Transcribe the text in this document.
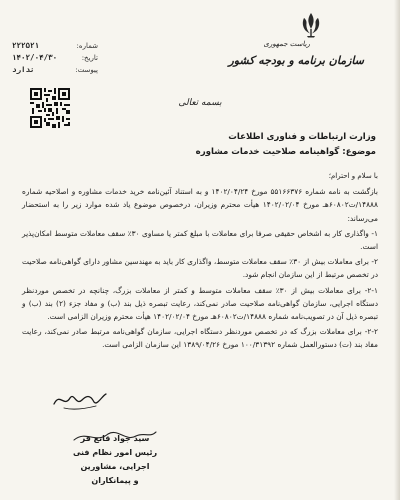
ریاست جمهوری
سازمان برنامه و بودجه کشور
۲۲۲۵۲۱	شماره:
۱۴۰۲/۰۴/۳۰	تاریخ:
ندارد	پیوست:
بسمه تعالی
وزارت ارتباطات و فناوری اطلاعات
موضوع: گواهینامه صلاحیت خدمات مشاوره

با سلام و احترام؛

بازگشت به نامه شماره ۵۵۱۶۶۳۷۶ مورخ ۱۴۰۲/۰۴/۲۴ و به استناد آئین‌نامه خرید خدمات مشاوره و اصلاحیه شماره ۱۴۸۸۸/ت۶۰۸۰۲هـ مورخ ۱۴۰۲/۰۲/۰۴ هیأت محترم وزیران، درخصوص موضوع یاد شده موارد زیر را به استحضار می‌رساند:

۱- واگذاری کار به اشخاص حقیقی صرفا برای معاملات با مبلغ کمتر یا مساوی ۳۰٪ سقف معاملات متوسط امکان‌پذیر است.

۲- برای معاملات بیش از ۳۰٪ سقف معاملات متوسط، واگذاری کار باید به مهندسین مشاور دارای گواهی‌نامه صلاحیت در تخصص مرتبط از این سازمان انجام شود.

۲-۱- برای معاملات بیش از ۳۰٪ سقف معاملات متوسط و کمتر از معاملات بزرگ، چنانچه در تخصص مورد‌نظر دستگاه اجرایی، سازمان گواهی‌نامه صلاحیت صادر نمی‌کند، رعایت تبصره ذیل بند (ب) و مفاد جزء (۲) بند (ب) و تبصره ذیل آن در تصویب‌نامه شماره ۱۴۸۸۸/ت۶۰۸۰۲هـ مورخ ۱۴۰۲/۰۲/۰۴ هیأت محترم وزیران الزامی است.

۲-۲- برای معاملات بزرگ که در تخصص موردنظر دستگاه اجرایی، سازمان گواهی‌نامه مرتبط صادر نمی‌کند، رعایت مفاد بند (ت) دستورالعمل شماره ۱۰۰/۳۱۳۹۲ مورخ ۱۳۸۹/۰۴/۲۶ این سازمان الزامی است.

سید جواد قانع فر
رئیس امور نظام فنی اجرایی، مشاورین
و پیمانکاران
